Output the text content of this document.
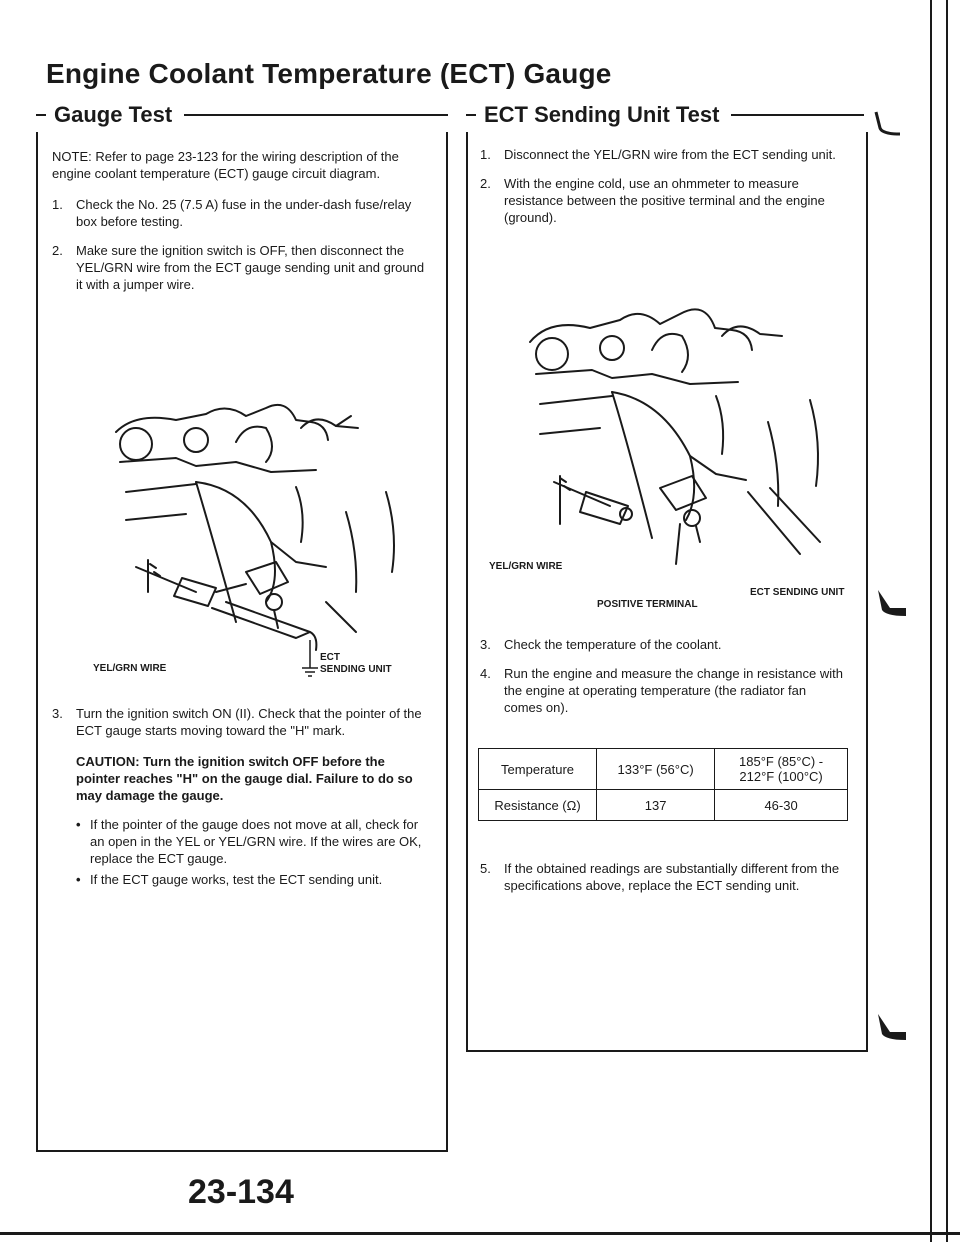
Engine Coolant Temperature (ECT) Gauge
Gauge Test
NOTE: Refer to page 23-123 for the wiring description of the engine coolant temperature (ECT) gauge circuit diagram.
1.	Check the No. 25 (7.5 A) fuse in the under-dash fuse/relay box before testing.
2.	Make sure the ignition switch is OFF, then disconnect the YEL/GRN wire from the ECT gauge sending unit and ground it with a jumper wire.
YEL/GRN WIRE
ECT
SENDING UNIT
3.	Turn the ignition switch ON (II). Check that the pointer of the ECT gauge starts moving toward the "H" mark.
CAUTION: Turn the ignition switch OFF before the pointer reaches "H" on the gauge dial. Failure to do so may damage the gauge.
• If the pointer of the gauge does not move at all, check for an open in the YEL or YEL/GRN wire. If the wires are OK, replace the ECT gauge.
• If the ECT gauge works, test the ECT sending unit.
ECT Sending Unit Test
1.	Disconnect the YEL/GRN wire from the ECT sending unit.
2.	With the engine cold, use an ohmmeter to measure resistance between the positive terminal and the engine (ground).
YEL/GRN WIRE
ECT SENDING UNIT
POSITIVE TERMINAL
3.	Check the temperature of the coolant.
4.	Run the engine and measure the change in resistance with the engine at operating temperature (the radiator fan comes on).
Temperature	133°F (56°C)	185°F (85°C) -
212°F (100°C)

Resistance (Ω)	137	46-30
5.	If the obtained readings are substantially different from the specifications above, replace the ECT sending unit.
23-134
